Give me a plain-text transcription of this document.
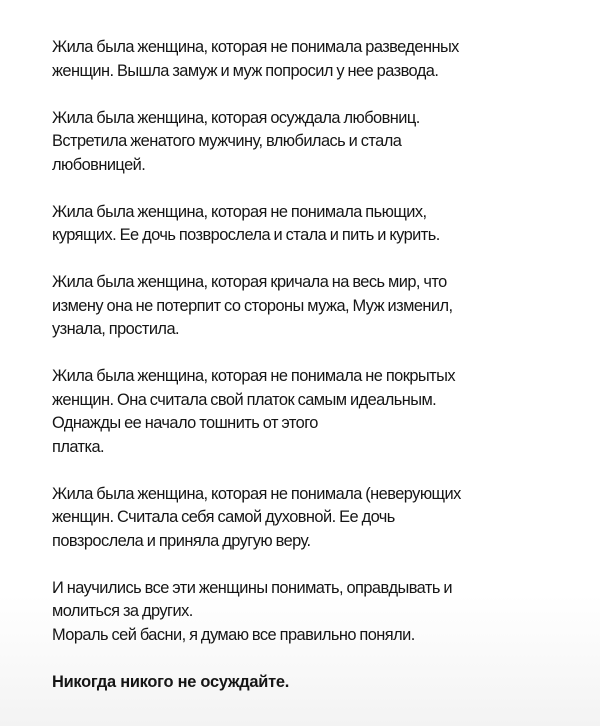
Жила была женщина, которая не понимала разведенных
женщин. Вышла замуж и муж попросил у нее развода.
Жила была женщина, которая осуждала любовниц.
Встретила женатого мужчину, влюбилась и стала
любовницей.
Жила была женщина, которая не понимала пьющих,
курящих. Ее дочь позврослела и стала и пить и курить.
Жила была женщина, которая кричала на весь мир, что
измену она не потерпит со стороны мужа, Муж изменил,
узнала, простила.
Жила была женщина, которая не понимала не покрытых
женщин. Она считала свой платок самым идеальным.
Однажды ее начало тошнить от этого
платка.
Жила была женщина, которая не понимала (неверующих
женщин. Считала себя самой духовной. Ее дочь
повзрослела и приняла другую веру.
И научились все эти женщины понимать, оправдывать и
молиться за других.
Мораль сей басни, я думаю все правильно поняли.

Никогда никого не осуждайте.
